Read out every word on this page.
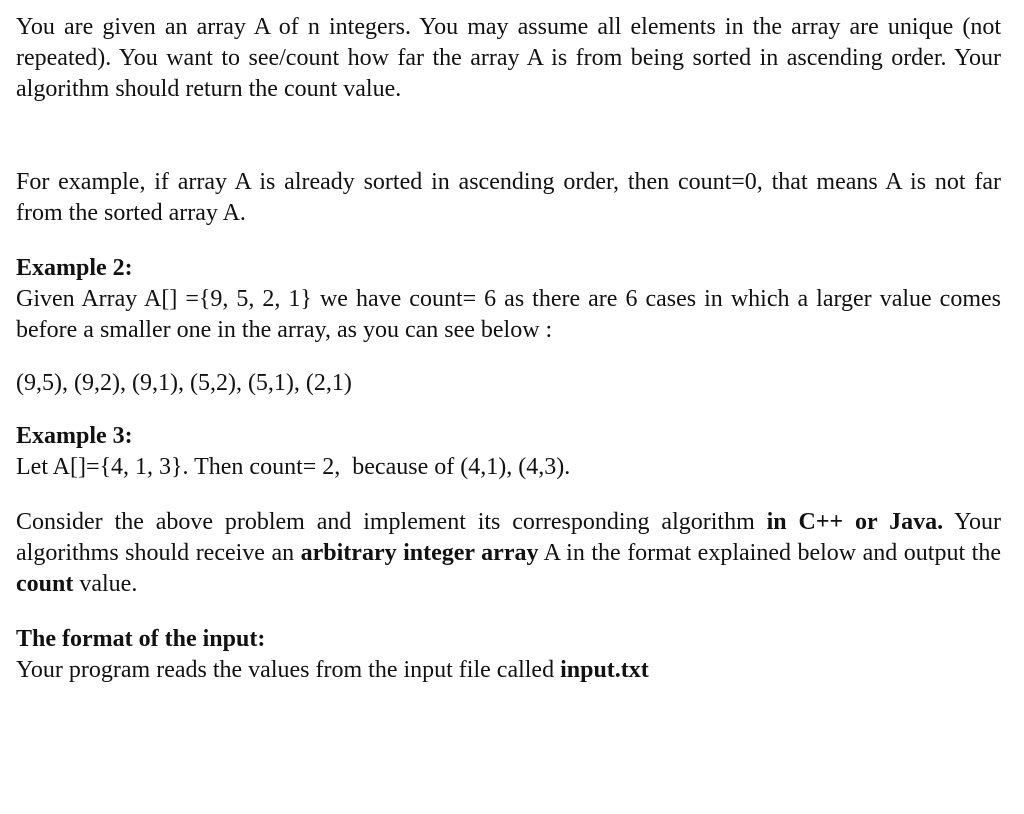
You are given an array A of n integers. You may assume all elements in the array are unique (not repeated). You want to see/count how far the array A is from being sorted in ascending order. Your algorithm should return the count value.

For example, if array A is already sorted in ascending order, then count=0, that means A is not far from the sorted array A.

Example 2:

Given Array A[] ={9, 5, 2, 1} we have count= 6 as there are 6 cases in which a larger value comes before a smaller one in the array, as you can see below :

(9,5), (9,2), (9,1), (5,2), (5,1), (2,1)

Example 3:

Let A[]={4, 1, 3}. Then count= 2,  because of (4,1), (4,3).

Consider the above problem and implement its corresponding algorithm in C++ or Java. Your algorithms should receive an arbitrary integer array A in the format explained below and output the count value.

The format of the input:

Your program reads the values from the input file called input.txt
